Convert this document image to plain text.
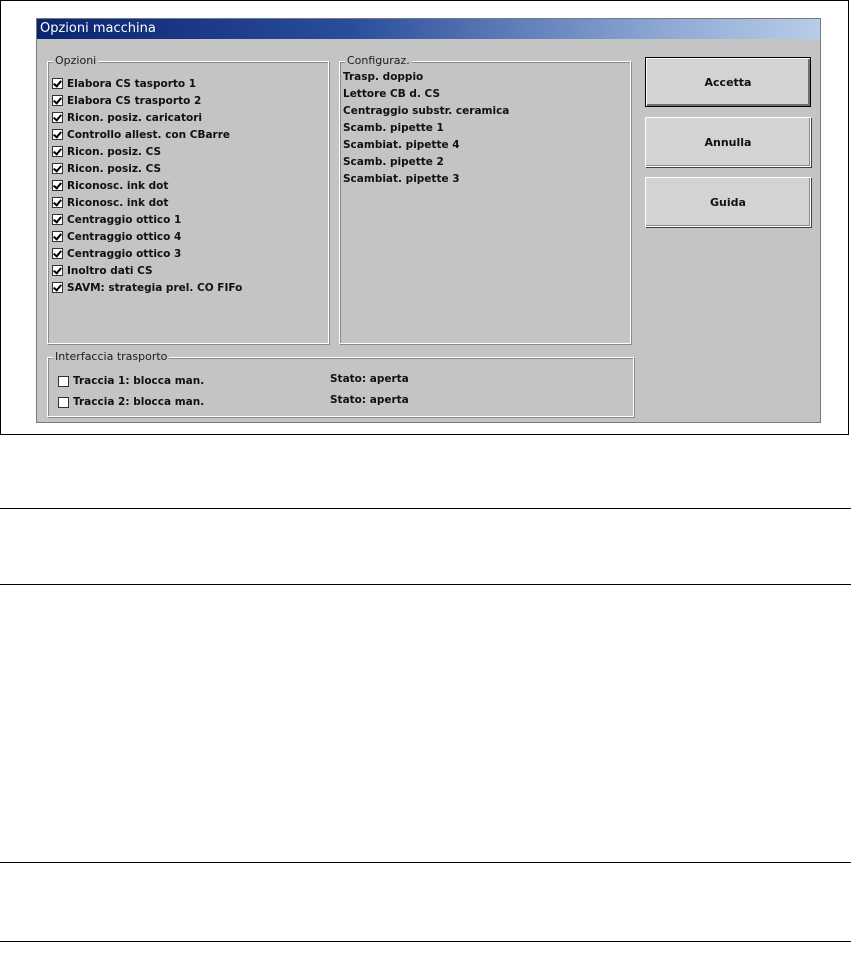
Opzioni macchina
Opzioni
Elabora CS tasporto 1
Elabora CS trasporto 2
Ricon. posiz. caricatori
Controllo allest. con CBarre
Ricon. posiz. CS
Ricon. posiz. CS
Riconosc. ink dot
Riconosc. ink dot
Centraggio ottico 1
Centraggio ottico 4
Centraggio ottico 3
Inoltro dati CS
SAVM: strategia prel. CO FIFo
Configuraz.
Trasp. doppio
Lettore CB d. CS
Centraggio substr. ceramica
Scamb. pipette 1
Scambiat. pipette 4
Scamb. pipette 2
Scambiat. pipette 3
Accetta
Annulla
Guida
Interfaccia trasporto
Traccia 1: blocca man.	Stato: aperta
Traccia 2: blocca man.	Stato: aperta
